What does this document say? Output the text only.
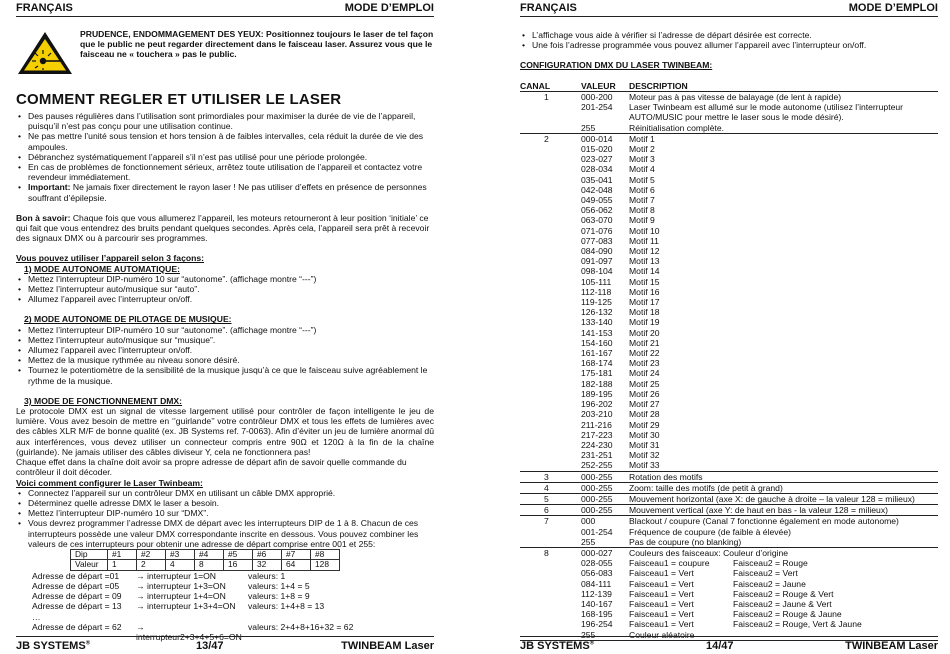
FRANÇAIS	MODE D’EMPLOI
PRUDENCE, ENDOMMAGEMENT DES YEUX: Positionnez toujours le laser de tel façon que le public ne peut regarder directement dans le faisceau laser. Assurez vous que le faisceau ne « touchera » pas le public.
COMMENT REGLER ET UTILISER LE LASER
• Des pauses régulières dans l’utilisation sont primordiales pour maximiser la durée de vie de l’appareil, puisqu’il n’est pas conçu pour une utilisation continue.
• Ne pas mettre l’unité sous tension et hors tension à de faibles intervalles, cela réduit la durée de vie des ampoules.
• Débranchez systématiquement l’appareil s’il n’est pas utilisé pour une période prolongée.
• En cas de problèmes de fonctionnement sérieux, arrêtez toute utilisation de l’appareil et contactez votre revendeur immédiatement.
• Important: Ne jamais fixer directement le rayon laser ! Ne pas utiliser d’effets en présence de personnes souffrant d’épilepsie.

Bon à savoir: Chaque fois que vous allumerez l’appareil, les moteurs retourneront à leur position ‘initiale’ ce qui fait que vous entendrez des bruits pendant quelques secondes. Après cela, l’appareil sera prêt à recevoir des signaux DMX ou à parcourir ses programmes.

Vous pouvez utiliser l’appareil selon 3 façons:

1) MODE AUTONOME AUTOMATIQUE:

• Mettez l’interrupteur DIP-numéro 10 sur “autonome”. (affichage montre “---”)
• Mettez l’interrupteur auto/musique sur “auto”.
• Allumez l’appareil avec l’interrupteur on/off.

2) MODE AUTONOME DE PILOTAGE DE MUSIQUE:

• Mettez l’interrupteur DIP-numéro 10 sur “autonome”. (affichage montre “---”)
• Mettez l’interrupteur auto/musique sur “musique”.
• Allumez l’appareil avec l’interrupteur on/off.
• Mettez de la musique rythmée au niveau sonore désiré.
• Tournez le potentiomètre de la sensibilité de la musique jusqu’à ce que le faisceau suive agréablement le rythme de la musique.

3) MODE DE FONCTIONNEMENT DMX:

Le protocole DMX est un signal de vitesse largement utilisé pour contrôler de façon intelligente le jeu de lumière. Vous avez besoin de mettre en ‘’guirlande’’ votre contrôleur DMX et tous les effets de lumières avec des câbles XLR M/F de bonne qualité (ex. JB Systems ref. 7-0063). Afin d’éviter un jeu de lumière anormal dû aux interférences, vous devez utiliser un connecteur compris entre 90Ω et 120Ω à la fin de la chaîne (guirlande). Ne jamais utiliser des câbles diviseur Y, cela ne fonctionnera pas!

Chaque effet dans la chaîne doit avoir sa propre adresse de départ afin de savoir quelle commande du contrôleur il doit décoder.

Voici comment configurer le Laser Twinbeam:

• Connectez l’appareil sur un contrôleur DMX en utilisant un câble DMX approprié.
• Déterminez quelle adresse DMX le laser a besoin.
• Mettez l’interrupteur DIP-numéro 10 sur “DMX”.
• Vous devrez programmer l’adresse DMX de départ avec les interrupteurs DIP de 1 à 8. Chacun de ces interrupteurs possède une valeur DMX correspondante inscrite en dessous. Vous pouvez combiner les valeurs de ces interrupteurs pour obtenir une adresse de départ comprise entre 001 et 255:
Dip	#1	#2	#3	#4	#5	#6	#7	#8
Valeur	1	2	4	8	16	32	64	128
Adresse de départ =01	→ interrupteur 1=ON	valeurs: 1
Adresse de départ =05	→ interrupteur 1+3=ON	valeurs: 1+4 = 5
Adresse de départ = 09	→ interrupteur 1+4=ON	valeurs: 1+8 = 9
Adresse de départ = 13	→ interrupteur 1+3+4=ON	valeurs: 1+4+8 = 13
…
Adresse de départ = 62	→ interrupteur2+3+4+5+6=ON
valeurs: 2+4+8+16+32 = 62
JB SYSTEMS®	13/47	TWINBEAM Laser
FRANÇAIS	MODE D’EMPLOI
• L’affichage vous aide à vérifier si l’adresse de départ désirée est correcte.
• Une fois l’adresse programmée vous pouvez allumer l’appareil avec l’interrupteur on/off.

CONFIGURATION DMX DU LASER TWINBEAM:

CANAL	VALEUR DESCRIPTION
1	000-200	Moteur pas à pas vitesse de balayage (de lent à rapide)
201-254	Laser Twinbeam est allumé sur le mode autonome (utilisez l’interrupteur
AUTO/MUSIC pour mettre le laser sous le mode désiré).
255	Réinitialisation complète.
2	000-014	Motif 1
015-020	Motif 2
023-027	Motif 3
028-034	Motif 4
035-041	Motif 5
042-048	Motif 6
049-055	Motif 7
056-062	Motif 8
063-070	Motif 9
071-076	Motif 10
077-083	Motif 11
084-090	Motif 12
091-097	Motif 13
098-104	Motif 14
105-111	Motif 15
112-118	Motif 16
119-125	Motif 17
126-132	Motif 18
133-140	Motif 19
141-153	Motif 20
154-160	Motif 21
161-167	Motif 22
168-174	Motif 23
175-181	Motif 24
182-188	Motif 25
189-195	Motif 26
196-202	Motif 27
203-210	Motif 28
211-216	Motif 29
217-223	Motif 30
224-230	Motif 31
231-251	Motif 32
252-255	Motif 33
3	000-255	Rotation des motifs
4	000-255	Zoom: taille des motifs (de petit à grand)
5	000-255	Mouvement horizontal (axe X: de gauche à droite – la valeur 128 = milieux)
6	000-255	Mouvement vertical (axe Y: de haut en bas - la valeur 128 = milieux)
7	000	Blackout / coupure (Canal 7 fonctionne également en mode autonome)
001-254	Fréquence de coupure (de faible à élevée)
255	Pas de coupure (no blanking)
8	000-027	Couleurs des faisceaux: Couleur d’origine
028-055	Faisceau1 = coupure	Faisceau2 = Rouge
056-083	Faisceau1 = Vert	Faisceau2 = Vert
084-111	Faisceau1 = Vert	Faisceau2 = Jaune
112-139	Faisceau1 = Vert	Faisceau2 = Rouge & Vert
140-167	Faisceau1 = Vert	Faisceau2 = Jaune & Vert
168-195	Faisceau1 = Vert	Faisceau2 = Rouge & Jaune
196-254	Faisceau1 = Vert	Faisceau2 = Rouge, Vert & Jaune
255	Couleur aléatoire
JB SYSTEMS®	14/47	TWINBEAM Laser
